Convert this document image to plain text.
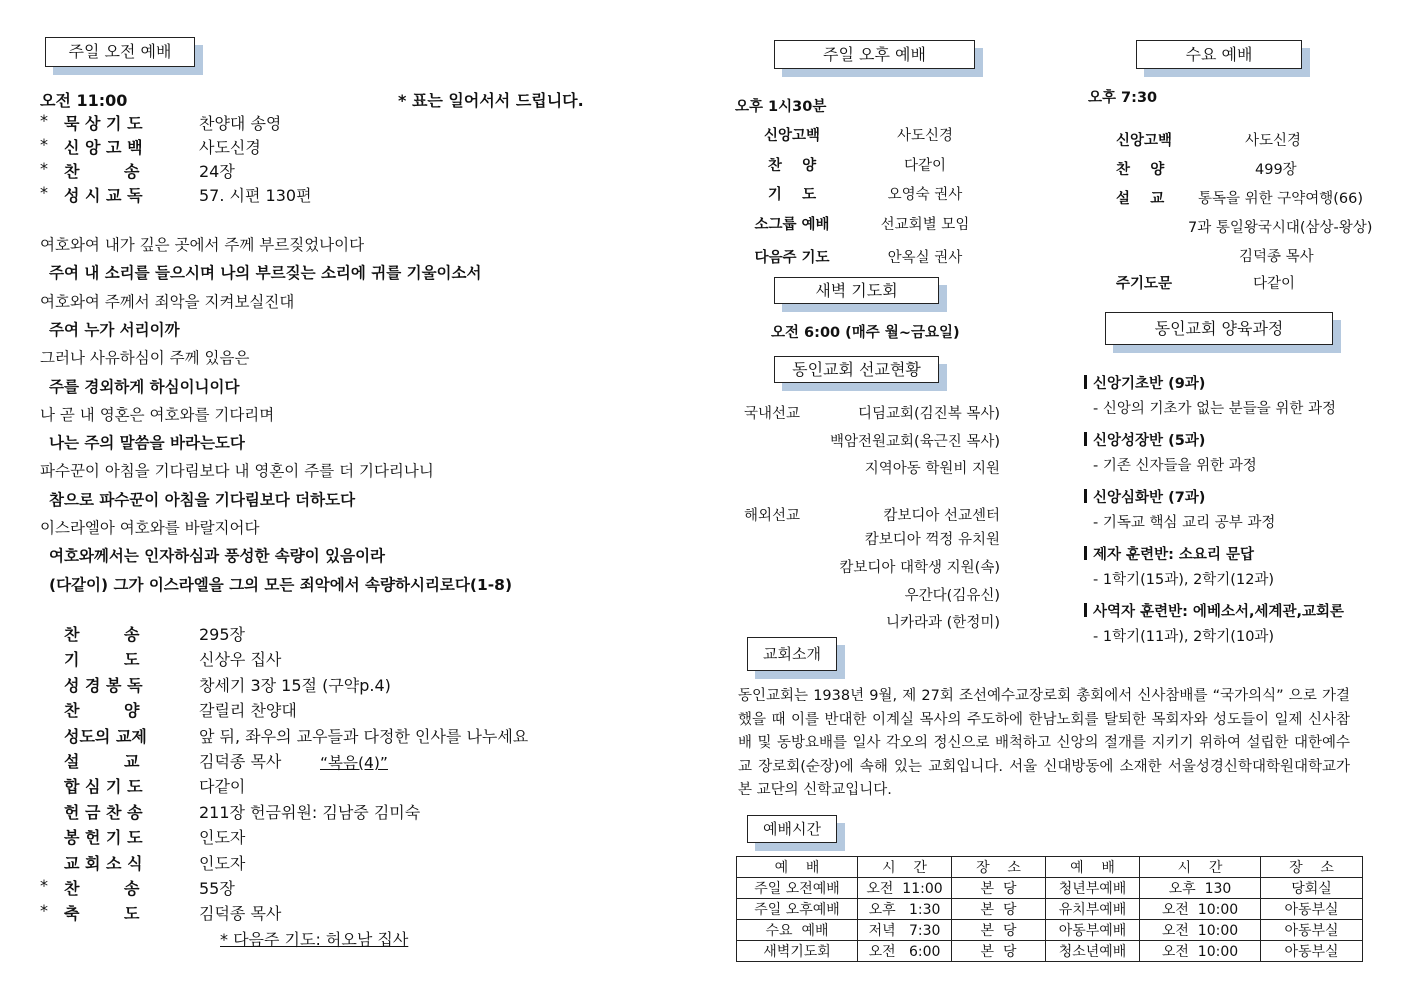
주일 오전 예배
오전 11:00	* 표는 일어서서 드립니다.
* 묵 상 기 도	찬양대 송영
* 신 앙 고 백	사도신경
* 찬        송	24장
* 성 시 교 독	57. 시편 130편
여호와여 내가 깊은 곳에서 주께 부르짖었나이다
주여 내 소리를 들으시며 나의 부르짖는 소리에 귀를 기울이소서
여호와여 주께서 죄악을 지켜보실진대
주여 누가 서리이까
그러나 사유하심이 주께 있음은
주를 경외하게 하심이니이다
나 곧 내 영혼은 여호와를 기다리며
나는 주의 말씀을 바라는도다
파수꾼이 아침을 기다림보다 내 영혼이 주를 더 기다리나니
참으로 파수꾼이 아침을 기다림보다 더하도다
이스라엘아 여호와를 바랄지어다
여호와께서는 인자하심과 풍성한 속량이 있음이라
(다같이) 그가 이스라엘을 그의 모든 죄악에서 속량하시리로다(1-8)
찬        송	295장
기        도	신상우 집사
성 경 봉 독	창세기 3장 15절 (구약p.4)
찬        양	갈릴리 찬양대
성도의 교제	앞 뒤, 좌우의 교우들과 다정한 인사를 나누세요
설        교	김덕종 목사
합 심 기 도	다같이
헌 금 찬 송	211장 헌금위원: 김남중 김미숙
봉 헌 기 도	인도자
교 회 소 식	인도자
* 찬        송	55장
* 축        도	김덕종 목사
“복음(4)”
* 다음주 기도: 허오남 집사
주일 오후 예배
오후 1시30분
신앙고백	사도신경
찬    양	다같이
기    도	오영숙 권사
소그룹 예배	선교회별 모임
다음주 기도	안옥실 권사
새벽 기도회
오전 6:00 (매주 월~금요일)
동인교회 선교현황
국내선교	디딤교회(김진복 목사)
백암전원교회(육근진 목사)
지역아동 학원비 지원
해외선교	캄보디아 선교센터
캄보디아 꺽정 유치원
캄보디아 대학생 지원(속)
우간다(김유신)
니카라과 (한정미)
수요 예배
오후 7:30
신앙고백	사도신경
찬    양	499장
설    교 통독을 위한 구약여행(66)
7과 통일왕국시대(삼상-왕상)
김덕종 목사
주기도문	다같이
동인교회 양육과정
신앙기초반 (9과)
- 신앙의 기초가 없는 분들을 위한 과정
신앙성장반 (5과)
- 기존 신자들을 위한 과정
신앙심화반 (7과)
- 기독교 핵심 교리 공부 과정
제자 훈련반: 소요리 문답
- 1학기(15과), 2학기(12과)
사역자 훈련반: 에베소서,세계관,교회론
- 1학기(11과), 2학기(10과)
교회소개
동인교회는 1938년 9월, 제 27회 조선예수교장로회 총회에서 신사참배를 “국가의식” 으로 가결했을 때 이를 반대한 이계실 목사의 주도하에 한남노회를 탈퇴한 목회자와 성도들이 일제 신사참배 및 동방요배를 일사 각오의 정신으로 배척하고 신앙의 절개를 지키기 위하여 설립한 대한예수교 장로회(순장)에 속해 있는 교회입니다. 서울 신대방동에 소재한 서울성경신학대학원대학교가 본 교단의 신학교입니다.
예배시간
예    배	시    간	장    소	예    배	시    간	장    소
주일 오전예배	오전  11:00	본  당	청년부예배	오후  130	당회실
주일 오후예배	오후   1:30	본  당	유치부예배	오전  10:00	아동부실
수요  예배	저녁   7:30	본  당	아동부예배	오전  10:00	아동부실
새벽기도회	오전   6:00	본  당	청소년예배	오전  10:00	아동부실
